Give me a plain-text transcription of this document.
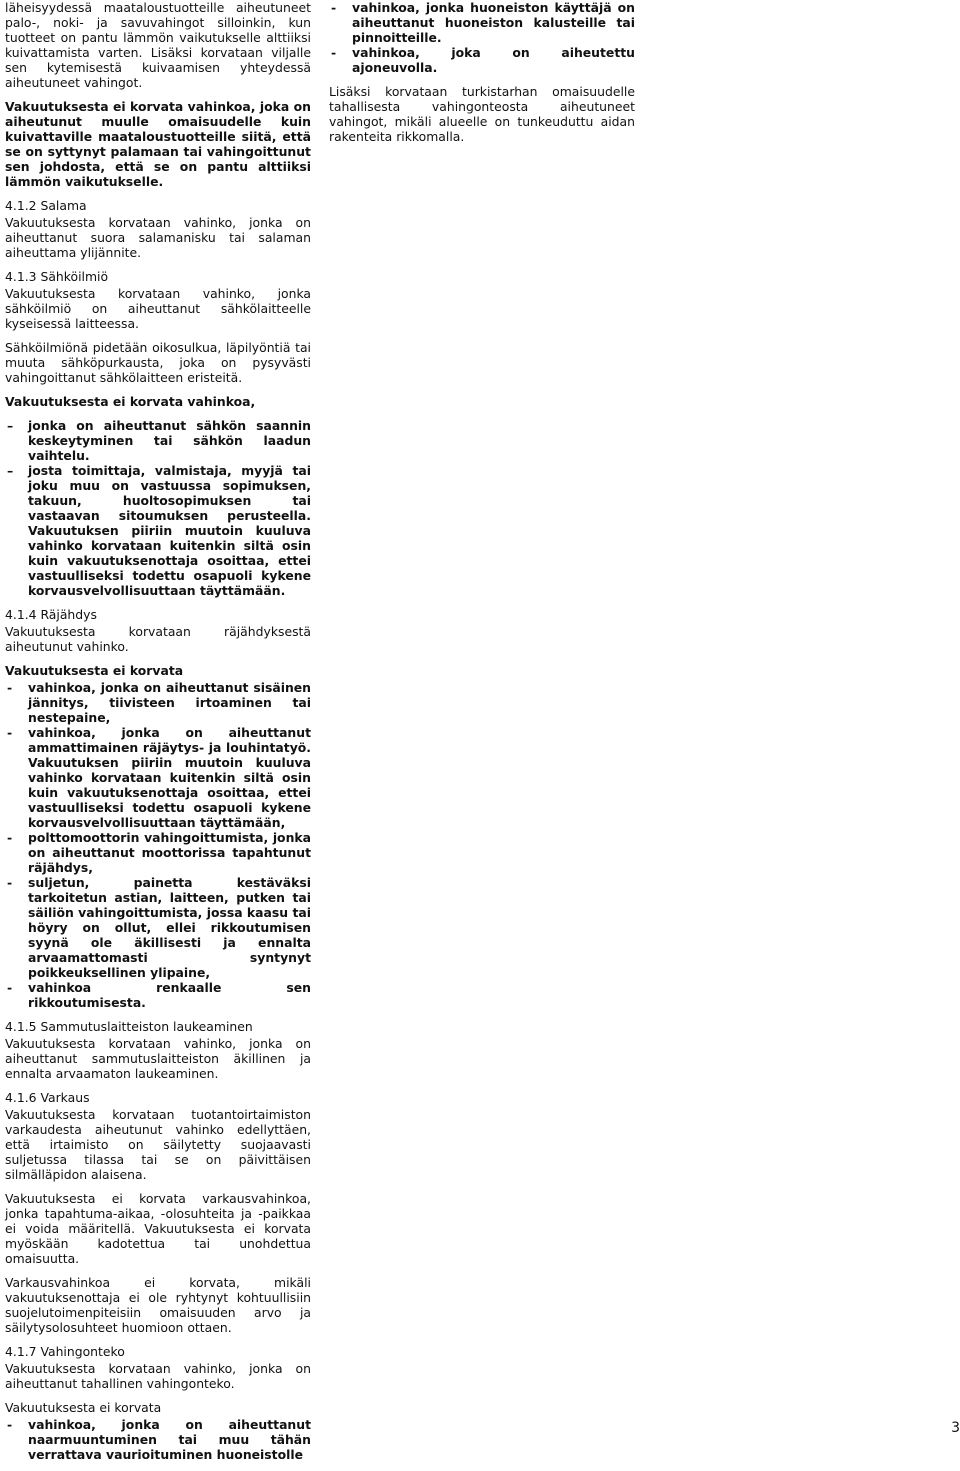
läheisyydessä maataloustuotteille aiheutuneet palo-, noki- ja savuvahingot silloinkin, kun tuotteet on pantu lämmön vaikutukselle alttiiksi kuivattamista varten. Lisäksi korvataan viljalle sen kytemisestä kuivaamisen yhteydessä aiheutuneet vahingot.

Vakuutuksesta ei korvata vahinkoa, joka on aiheutunut muulle omaisuudelle kuin kuivattaville maataloustuotteille siitä, että se on syttynyt palamaan tai vahingoittunut sen johdosta, että se on pantu alttiiksi lämmön vaikutukselle.

4.1.2 Salama

Vakuutuksesta korvataan vahinko, jonka on aiheuttanut suora salamanisku tai salaman aiheuttama ylijännite.

4.1.3 Sähköilmiö

Vakuutuksesta korvataan vahinko, jonka sähköilmiö on aiheuttanut sähkölaitteelle kyseisessä laitteessa.

Sähköilmiönä pidetään oikosulkua, läpilyöntiä tai muuta sähköpurkausta, joka on pysyvästi vahingoittanut sähkölaitteen eristeitä.

Vakuutuksesta ei korvata vahinkoa,

– jonka on aiheuttanut sähkön saannin keskeytyminen tai sähkön laadun vaihtelu.
– josta toimittaja, valmistaja, myyjä tai joku muu on vastuussa sopimuksen, takuun, huoltosopimuksen tai vastaavan sitoumuksen perusteella. Vakuutuksen piiriin muutoin kuuluva vahinko korvataan kuitenkin siltä osin kuin vakuutuksenottaja osoittaa, ettei vastuulliseksi todettu osapuoli kykene korvausvelvollisuuttaan täyttämään.

4.1.4 Räjähdys

Vakuutuksesta korvataan räjähdyksestä aiheutunut vahinko.

Vakuutuksesta ei korvata

- vahinkoa, jonka on aiheuttanut sisäinen jännitys, tiivisteen irtoaminen tai nestepaine,
- vahinkoa, jonka on aiheuttanut ammattimainen räjäytys- ja louhintatyö. Vakuutuksen piiriin muutoin kuuluva vahinko korvataan kuitenkin siltä osin kuin vakuutuksenottaja osoittaa, ettei vastuulliseksi todettu osapuoli kykene korvausvelvollisuuttaan täyttämään,
- polttomoottorin vahingoittumista, jonka on aiheuttanut moottorissa tapahtunut räjähdys,
- suljetun, painetta kestäväksi tarkoitetun astian, laitteen, putken tai säiliön vahingoittumista, jossa kaasu tai höyry on ollut, ellei rikkoutumisen syynä ole äkillisesti ja ennalta arvaamattomasti syntynyt poikkeuksellinen ylipaine,
- vahinkoa renkaalle sen rikkoutumisesta.

4.1.5 Sammutuslaitteiston laukeaminen

Vakuutuksesta korvataan vahinko, jonka on aiheuttanut sammutuslaitteiston äkillinen ja ennalta arvaamaton laukeaminen.

4.1.6 Varkaus

Vakuutuksesta korvataan tuotantoirtaimiston varkaudesta aiheutunut vahinko edellyttäen, että irtaimisto on säilytetty suojaavasti suljetussa tilassa tai se on päivittäisen silmälläpidon alaisena.

Vakuutuksesta ei korvata varkausvahinkoa, jonka tapahtuma-aikaa, -olosuhteita ja -paikkaa ei voida määritellä. Vakuutuksesta ei korvata myöskään kadotettua tai unohdettua omaisuutta.

Varkausvahinkoa ei korvata, mikäli vakuutuksenottaja ei ole ryhtynyt kohtuullisiin suojelutoimenpiteisiin omaisuuden arvo ja säilytysolosuhteet huomioon ottaen.

4.1.7 Vahingonteko

Vakuutuksesta korvataan vahinko, jonka on aiheuttanut tahallinen vahingonteko.

Vakuutuksesta ei korvata

- vahinkoa, jonka on aiheuttanut naarmuuntuminen tai muu tähän verrattava vaurioituminen huoneistolle
- vahinkoa, jonka huoneiston käyttäjä on aiheuttanut huoneiston kalusteille tai pinnoitteille.
- vahinkoa, joka on aiheutettu ajoneuvolla.

Lisäksi korvataan turkistarhan omaisuudelle tahallisesta vahingonteosta aiheutuneet vahingot, mikäli alueelle on tunkeuduttu aidan rakenteita rikkomalla.

3
